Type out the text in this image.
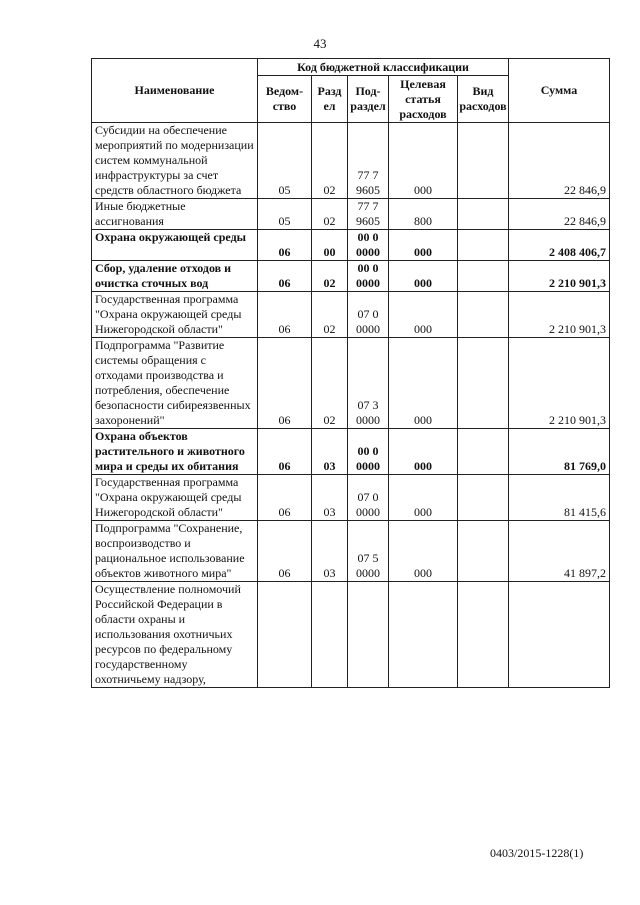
43
Наименование	Код бюджетной классификации					Сумма
	Ведом- ство	Разд ел	Под- раздел	Целевая статья расходов	Вид расходов	
Субсидии на обеспечение мероприятий по модернизации систем коммунальной инфраструктуры за счет средств областного бюджета	05	02	77 7 9605	000		22 846,9
Иные бюджетные ассигнования	05	02	77 7 9605	800		22 846,9
Охрана окружающей среды	06	00	00 0 0000	000		2 408 406,7
Сбор, удаление отходов и очистка сточных вод	06	02	00 0 0000	000		2 210 901,3
Государственная программа "Охрана окружающей среды Нижегородской области"	06	02	07 0 0000	000		2 210 901,3
Подпрограмма "Развитие системы обращения с отходами производства и потребления, обеспечение безопасности сибиреязвенных захоронений"	06	02	07 3 0000	000		2 210 901,3
Охрана объектов растительного и животного мира и среды их обитания	06	03	00 0 0000	000		81 769,0
Государственная программа "Охрана окружающей среды Нижегородской области"	06	03	07 0 0000	000		81 415,6
Подпрограмма "Сохранение, воспроизводство и рациональное использование объектов животного мира"	06	03	07 5 0000	000		41 897,2
Осуществление полномочий Российской Федерации в области охраны и использования охотничьих ресурсов по федеральному государственному охотничьему надзору,						
0403/2015-1228(1)
